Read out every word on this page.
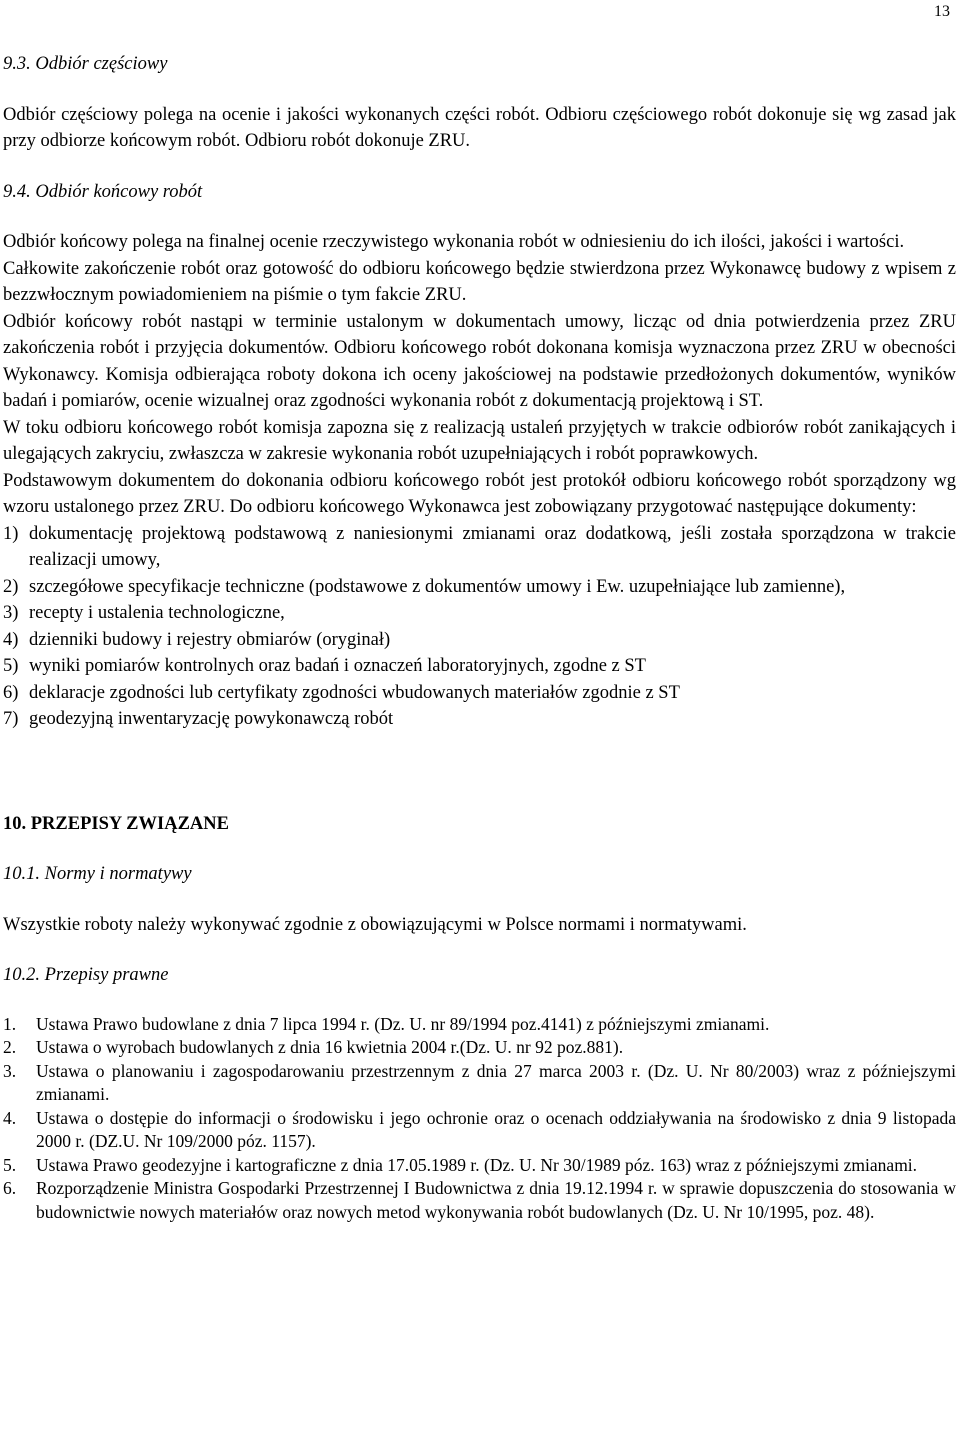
13

9.3. Odbiór częściowy

Odbiór częściowy polega na ocenie i jakości wykonanych części robót. Odbioru częściowego robót dokonuje się wg zasad jak przy odbiorze końcowym robót. Odbioru robót dokonuje ZRU.

9.4. Odbiór końcowy robót

Odbiór końcowy polega na finalnej ocenie rzeczywistego wykonania robót w odniesieniu do ich ilości, jakości i wartości.

Całkowite zakończenie robót oraz gotowość do odbioru końcowego będzie stwierdzona przez Wykonawcę budowy z wpisem z bezzwłocznym powiadomieniem na piśmie o tym fakcie ZRU.

Odbiór końcowy robót nastąpi w terminie ustalonym w dokumentach umowy, licząc od dnia potwierdzenia przez ZRU zakończenia robót i przyjęcia dokumentów. Odbioru końcowego robót dokonana komisja wyznaczona przez ZRU w obecności Wykonawcy. Komisja odbierająca roboty dokona ich oceny jakościowej na podstawie przedłożonych dokumentów, wyników badań i pomiarów, ocenie wizualnej oraz zgodności wykonania robót z dokumentacją projektową i ST.

W toku odbioru końcowego robót komisja zapozna się z realizacją ustaleń przyjętych w trakcie odbiorów robót zanikających i ulegających zakryciu, zwłaszcza w zakresie wykonania robót uzupełniających i robót poprawkowych.

Podstawowym dokumentem do dokonania odbioru końcowego robót jest protokół odbioru końcowego robót sporządzony wg wzoru ustalonego przez ZRU. Do odbioru końcowego Wykonawca jest zobowiązany przygotować następujące dokumenty:

1) dokumentację projektową podstawową z naniesionymi zmianami oraz dodatkową, jeśli została sporządzona w trakcie realizacji umowy,
2) szczegółowe specyfikacje techniczne (podstawowe z dokumentów umowy i Ew. uzupełniające lub zamienne),
3) recepty i ustalenia technologiczne,
4) dzienniki budowy i rejestry obmiarów (oryginał)
5) wyniki pomiarów kontrolnych oraz badań i oznaczeń laboratoryjnych, zgodne z ST
6) deklaracje zgodności lub certyfikaty zgodności wbudowanych materiałów zgodnie z ST
7) geodezyjną inwentaryzację powykonawczą robót

10. PRZEPISY ZWIĄZANE

10.1. Normy i normatywy

Wszystkie roboty należy wykonywać zgodnie z obowiązującymi w Polsce normami i normatywami.

10.2. Przepisy prawne

1. Ustawa Prawo budowlane z dnia 7 lipca 1994 r. (Dz. U. nr 89/1994 poz.4141) z późniejszymi zmianami.
2. Ustawa o wyrobach budowlanych z dnia 16 kwietnia 2004 r.(Dz. U. nr 92 poz.881).
3. Ustawa o planowaniu i zagospodarowaniu przestrzennym z dnia 27 marca 2003 r. (Dz. U. Nr 80/2003) wraz z późniejszymi zmianami.
4. Ustawa o dostępie do informacji o środowisku i jego ochronie oraz o ocenach oddziaływania na środowisko z dnia 9 listopada 2000 r. (DZ.U. Nr 109/2000 póz. 1157).
5. Ustawa Prawo geodezyjne i kartograficzne z dnia 17.05.1989 r. (Dz. U. Nr 30/1989 póz. 163) wraz z późniejszymi zmianami.
6. Rozporządzenie Ministra Gospodarki Przestrzennej I Budownictwa z dnia 19.12.1994 r. w sprawie dopuszczenia do stosowania w budownictwie nowych materiałów oraz nowych metod wykonywania robót budowlanych (Dz. U. Nr 10/1995, poz. 48).
